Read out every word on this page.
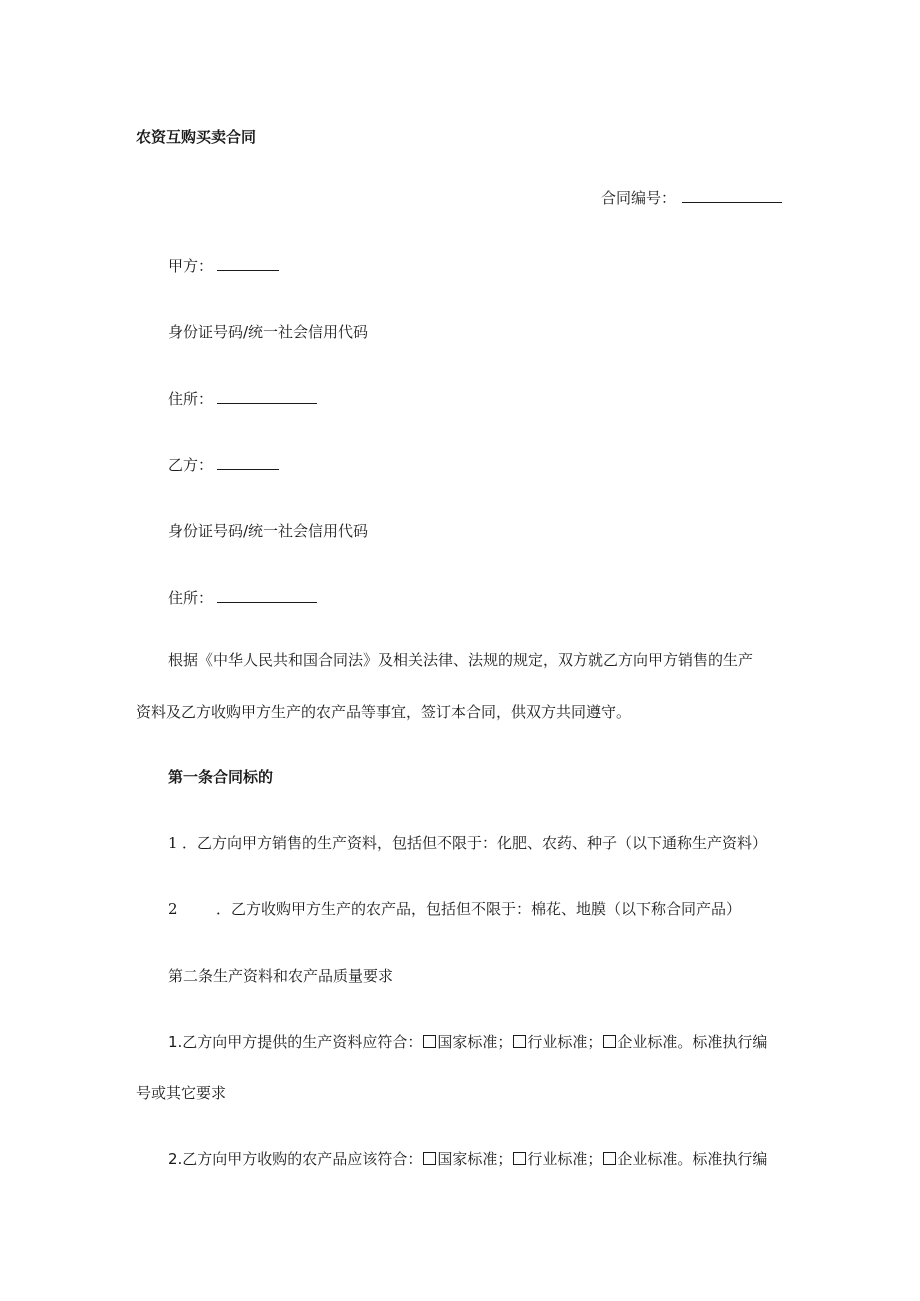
农资互购买卖合同
合同编号：
甲方：
身份证号码/统一社会信用代码
住所：
乙方：
身份证号码/统一社会信用代码
住所：
根据《中华人民共和国合同法》及相关法律、法规的规定，双方就乙方向甲方销售的生产
资料及乙方收购甲方生产的农产品等事宜，签订本合同，供双方共同遵守。
第一条合同标的
1 ．乙方向甲方销售的生产资料，包括但不限于：化肥、农药、种子（以下通称生产资料）
2	．乙方收购甲方生产的农产品，包括但不限于：棉花、地膜（以下称合同产品）
第二条生产资料和农产品质量要求
1.乙方向甲方提供的生产资料应符合： 国家标准； 行业标准； 企业标准。标准执行编
号或其它要求
2.乙方向甲方收购的农产品应该符合： 国家标准； 行业标准； 企业标准。标准执行编
